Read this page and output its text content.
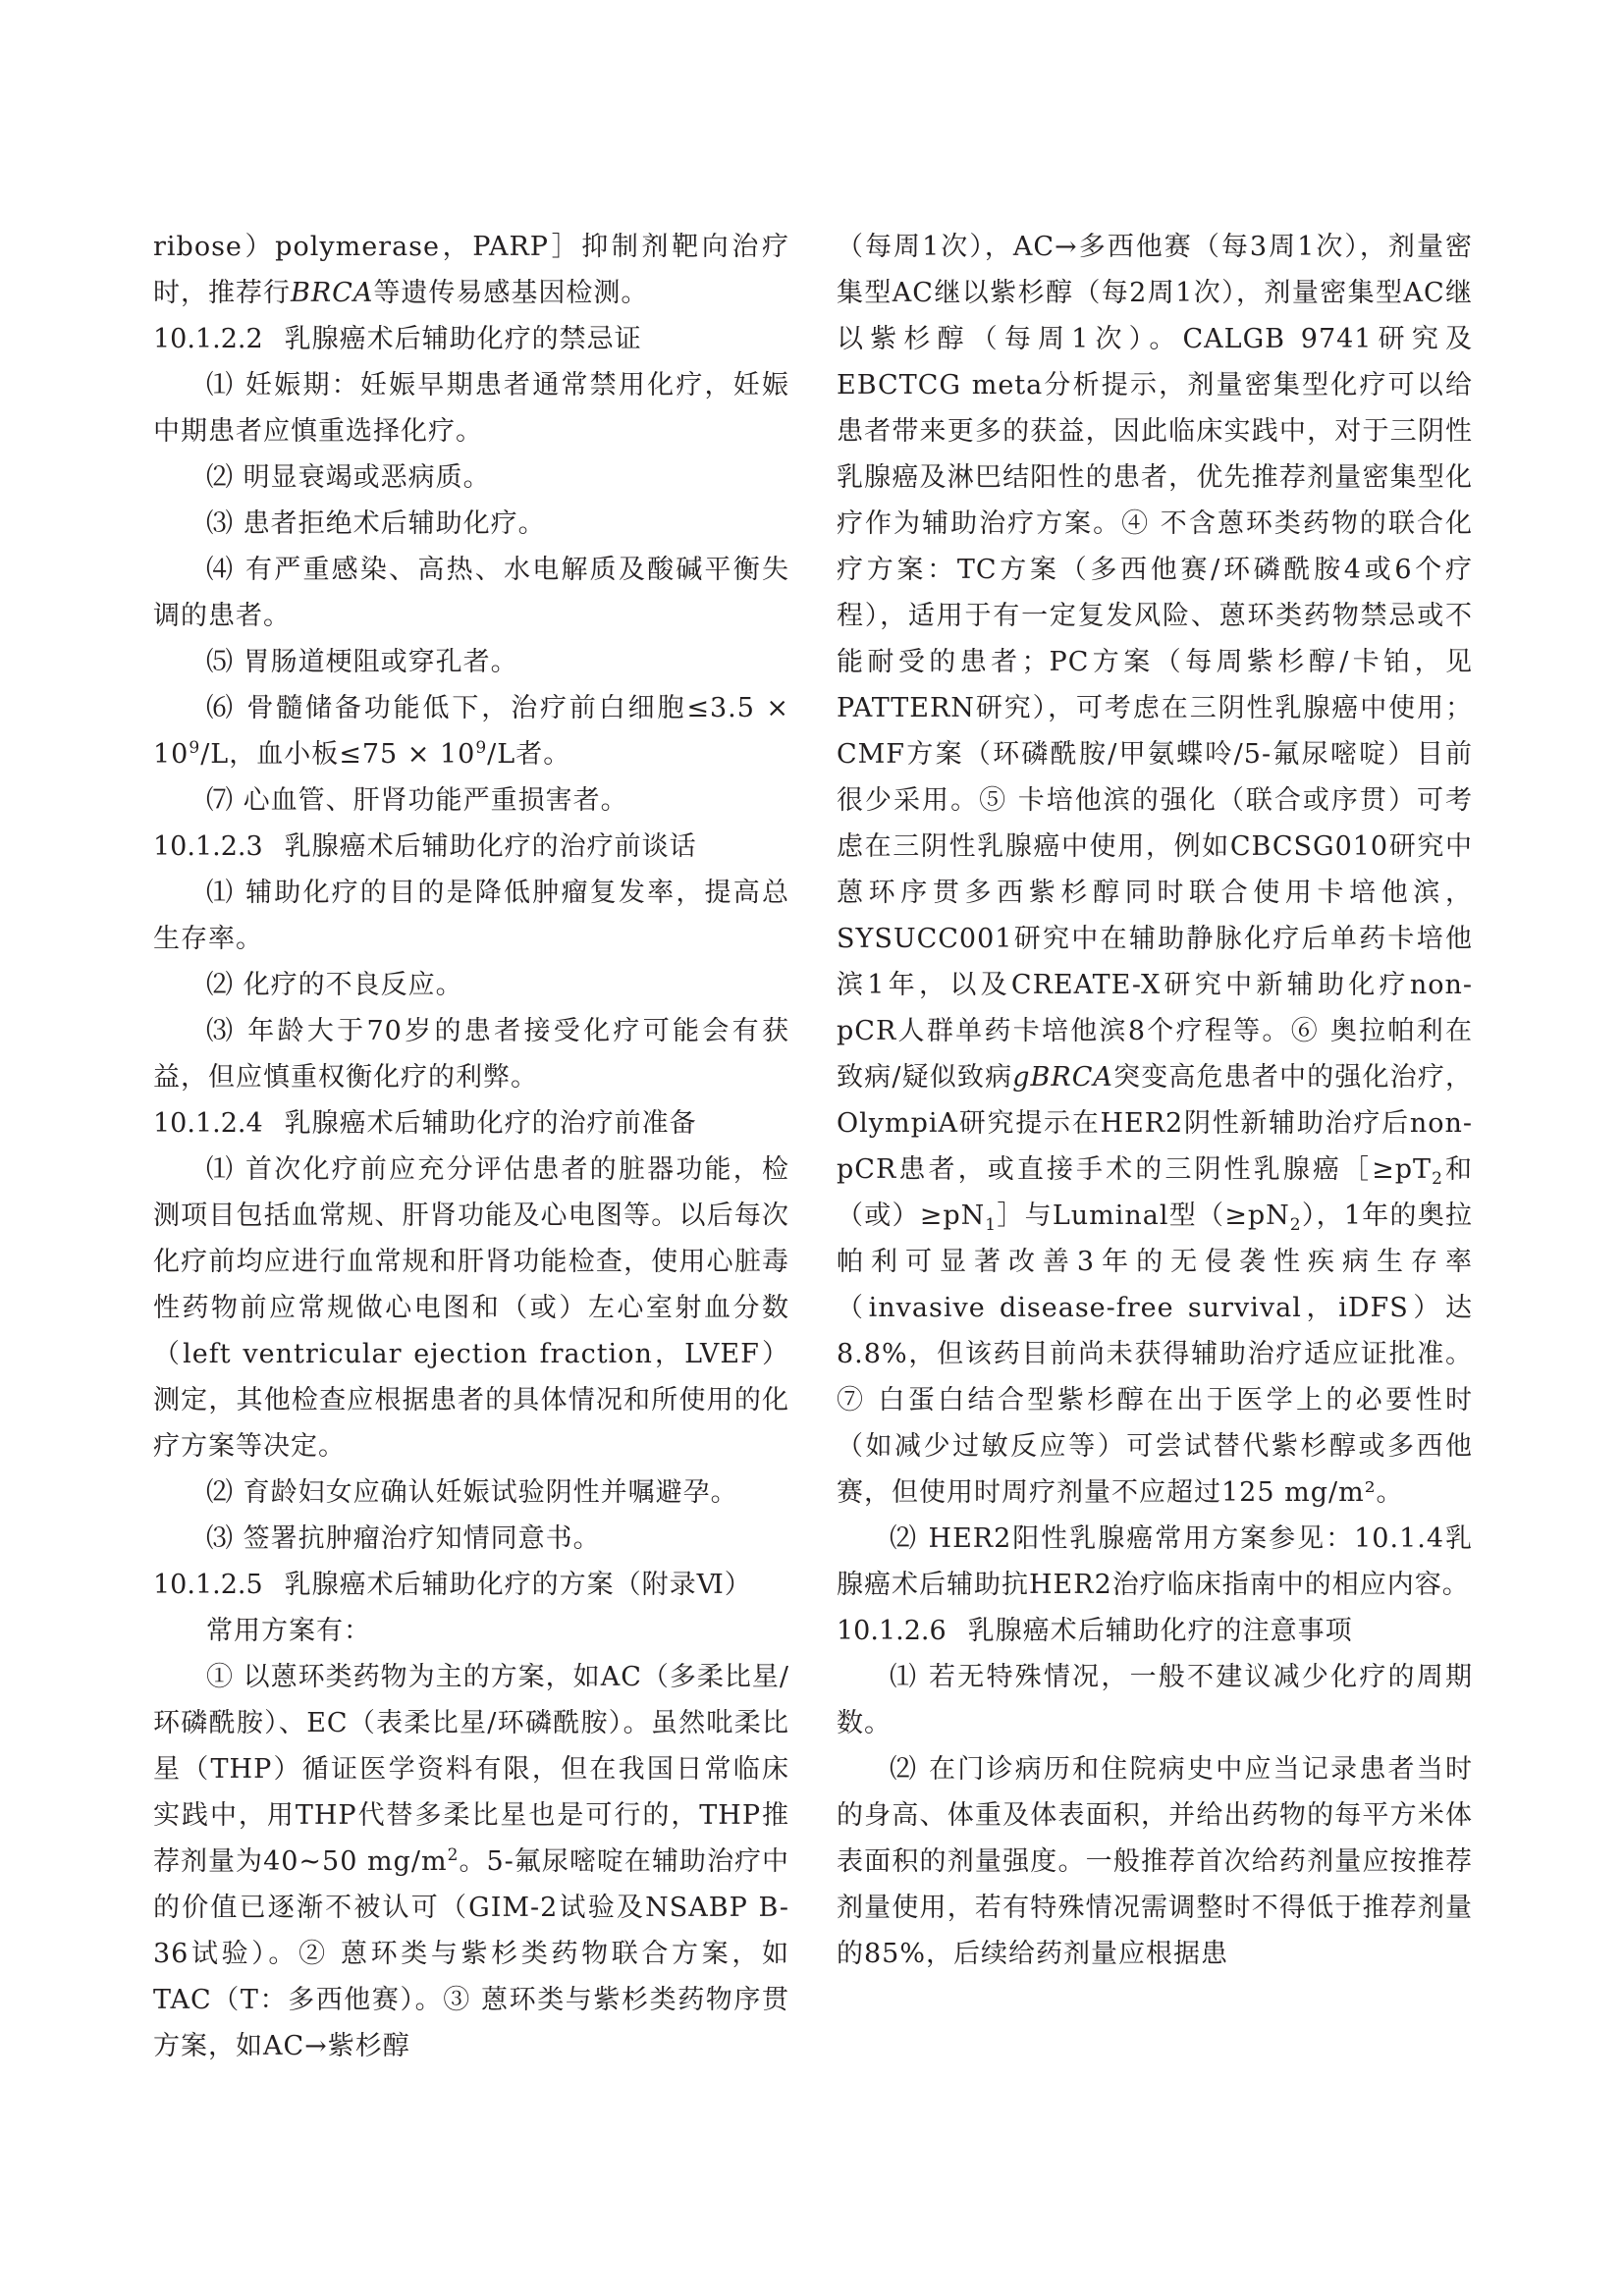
ribose）polymerase，PARP］抑制剂靶向治疗时，推荐行BRCA等遗传易感基因检测。

10.1.2.2 乳腺癌术后辅助化疗的禁忌证

⑴ 妊娠期：妊娠早期患者通常禁用化疗，妊娠中期患者应慎重选择化疗。

⑵ 明显衰竭或恶病质。

⑶ 患者拒绝术后辅助化疗。

⑷ 有严重感染、高热、水电解质及酸碱平衡失调的患者。

⑸ 胃肠道梗阻或穿孔者。

⑹ 骨髓储备功能低下，治疗前白细胞$\le 3.5 \times 10^9/L$，血小板$\le 75 \times 10^9/L$者。

⑺ 心血管、肝肾功能严重损害者。

10.1.2.3 乳腺癌术后辅助化疗的治疗前谈话

⑴ 辅助化疗的目的是降低肿瘤复发率，提高总生存率。

⑵ 化疗的不良反应。

⑶ 年龄大于70岁的患者接受化疗可能会有获益，但应慎重权衡化疗的利弊。

10.1.2.4 乳腺癌术后辅助化疗的治疗前准备

⑴ 首次化疗前应充分评估患者的脏器功能，检测项目包括血常规、肝肾功能及心电图等。以后每次化疗前均应进行血常规和肝肾功能检查，使用心脏毒性药物前应常规做心电图和（或）左心室射血分数（left ventricular ejection fraction，LVEF）测定，其他检查应根据患者的具体情况和所使用的化疗方案等决定。

⑵ 育龄妇女应确认妊娠试验阴性并嘱避孕。

⑶ 签署抗肿瘤治疗知情同意书。

10.1.2.5 乳腺癌术后辅助化疗的方案（附录Ⅵ）

常用方案有：

① 以蒽环类药物为主的方案，如AC（多柔比星/环磷酰胺）、EC（表柔比星/环磷酰胺）。虽然吡柔比星（THP）循证医学资料有限，但在我国日常临床实践中，用THP代替多柔比星也是可行的，THP推荐剂量为40~50 $mg/m^2$。5-氟尿嘧啶在辅助治疗中的价值已逐渐不被认可（GIM-2试验及NSABP B-36试验）。② 蒽环类与紫杉类药物联合方案，如TAC（T：多西他赛）。③ 蒽环类与紫杉类药物序贯方案，如AC→紫杉醇

（每周1次），AC→多西他赛（每3周1次），剂量密集型AC继以紫杉醇（每2周1次），剂量密集型AC继以紫杉醇（每周1次）。CALGB 9741研究及EBCTCG meta分析提示，剂量密集型化疗可以给患者带来更多的获益，因此临床实践中，对于三阴性乳腺癌及淋巴结阳性的患者，优先推荐剂量密集型化疗作为辅助治疗方案。④ 不含蒽环类药物的联合化疗方案：TC方案（多西他赛/环磷酰胺4或6个疗程），适用于有一定复发风险、蒽环类药物禁忌或不能耐受的患者；PC方案（每周紫杉醇/卡铂，见PATTERN研究），可考虑在三阴性乳腺癌中使用；CMF方案（环磷酰胺/甲氨蝶呤/5-氟尿嘧啶）目前很少采用。⑤ 卡培他滨的强化（联合或序贯）可考虑在三阴性乳腺癌中使用，例如CBCSG010研究中蒽环序贯多西紫杉醇同时联合使用卡培他滨，SYSUCC001研究中在辅助静脉化疗后单药卡培他滨1年，以及CREATE-X研究中新辅助化疗non-pCR人群单药卡培他滨8个疗程等。⑥ 奥拉帕利在致病/疑似致病gBRCA突变高危患者中的强化治疗，OlympiA研究提示在HER2阴性新辅助治疗后non-pCR患者，或直接手术的三阴性乳腺癌$[\ge pT_2$和（或）$\ge pN_1]$与Luminal型$(\ge pN_2)$，1年的奥拉帕利可显著改善3年的无侵袭性疾病生存率（invasive disease-free survival，iDFS）达8.8%，但该药目前尚未获得辅助治疗适应证批准。⑦ 白蛋白结合型紫杉醇在出于医学上的必要性时（如减少过敏反应等）可尝试替代紫杉醇或多西他赛，但使用时周疗剂量不应超过125 mg/m²。

⑵ HER2阳性乳腺癌常用方案参见：10.1.4乳腺癌术后辅助抗HER2治疗临床指南中的相应内容。

10.1.2.6 乳腺癌术后辅助化疗的注意事项

⑴ 若无特殊情况，一般不建议减少化疗的周期数。

⑵ 在门诊病历和住院病史中应当记录患者当时的身高、体重及体表面积，并给出药物的每平方米体表面积的剂量强度。一般推荐首次给药剂量应按推荐剂量使用，若有特殊情况需调整时不得低于推荐剂量的85%，后续给药剂量应根据患
